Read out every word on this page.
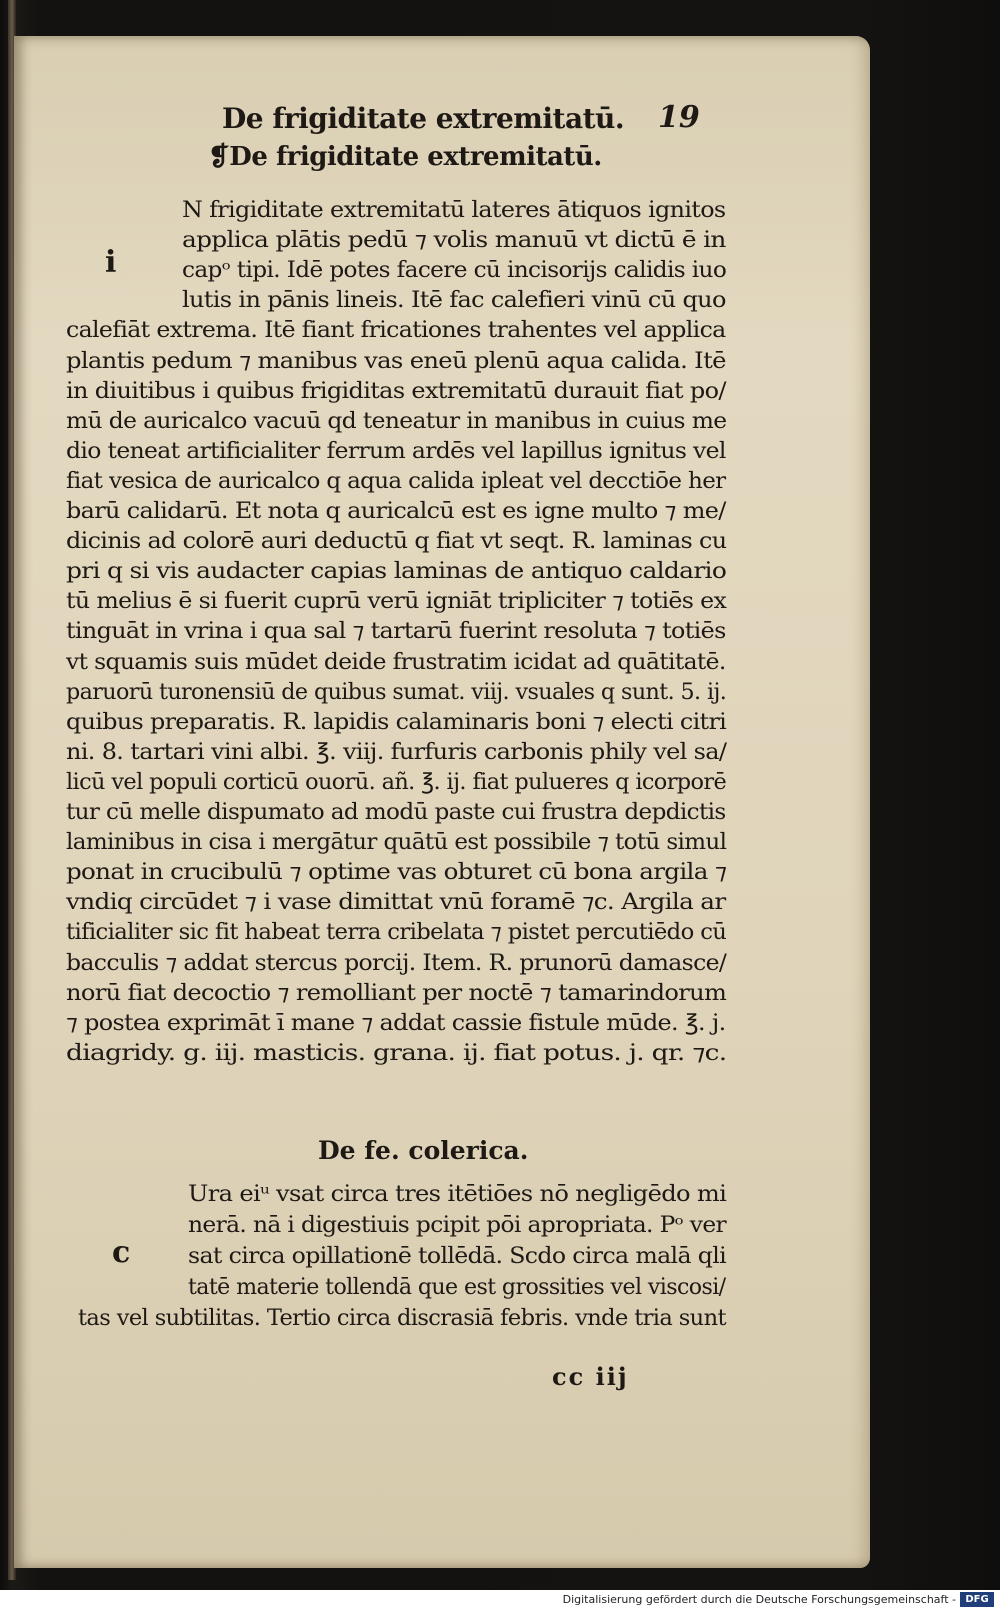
De frigiditate extremitatū. 19
❡De frigiditate extremitatū.
i
N frigiditate extremitatū lateres ātiquos ignitos
applica plātis pedū ⁊ volis manuū vt dictū ē in
capᵒ tipi. Idē potes facere cū incisorijs calidis iuo
lutis in pānis lineis. Itē fac calefieri vinū cū quo
calefiāt extrema. Itē fiant fricationes trahentes vel applica
plantis pedum ⁊ manibus vas eneū plenū aqua calida. Itē
in diuitibus i quibus frigiditas extremitatū durauit fiat po/
mū de auricalco vacuū qd teneatur in manibus in cuius me
dio teneat artificialiter ferrum ardēs vel lapillus ignitus vel
fiat vesica de auricalco q aqua calida ipleat vel decctiōe her
barū calidarū. Et nota q auricalcū est es igne multo ⁊ me/
dicinis ad colorē auri deductū q fiat vt seqt. R. laminas cu
pri q si vis audacter capias laminas de antiquo caldario
tū melius ē si fuerit cuprū verū igniāt tripliciter ⁊ totiēs ex
tinguāt in vrina i qua sal ⁊ tartarū fuerint resoluta ⁊ totiēs
vt squamis suis mūdet deide frustratim icidat ad quātitatē.
paruorū turonensiū de quibus sumat. viij. vsuales q sunt. 5. ij.
quibus preparatis. R. lapidis calaminaris boni ⁊ electi citri
ni. 8. tartari vini albi. ℥. viij. furfuris carbonis phily vel sa/
licū vel populi corticū ouorū. añ. ℥. ij. fiat pulueres q icorporē
tur cū melle dispumato ad modū paste cui frustra depdictis
laminibus in cisa i mergātur quātū est possibile ⁊ totū simul
ponat in crucibulū ⁊ optime vas obturet cū bona argila ⁊
vndiq circūdet ⁊ i vase dimittat vnū foramē ⁊c. Argila ar
tificialiter sic fit habeat terra cribelata ⁊ pistet percutiēdo cū
bacculis ⁊ addat stercus porcij. Item. R. prunorū damasce/
norū fiat decoctio ⁊ remolliant per noctē ⁊ tamarindorum
⁊ postea exprimāt ī mane ⁊ addat cassie fistule mūde. ℥. j.
diagridy. g. iij. masticis. grana. ij. fiat potus. j. qr. ⁊c.
De fe. colerica.
c
Ura eiᵘ vsat circa tres itētiōes nō negligēdo mi
nerā. nā i digestiuis pcipit pōi apropriata. Pᵒ ver
sat circa opillationē tollēdā. Scdo circa malā qli
tatē materie tollendā que est grossities vel viscosi/
tas vel subtilitas. Tertio circa discrasiā febris. vnde tria sunt
cc iij
Digitalisierung gefördert durch die Deutsche Forschungsgemeinschaft - DFG
